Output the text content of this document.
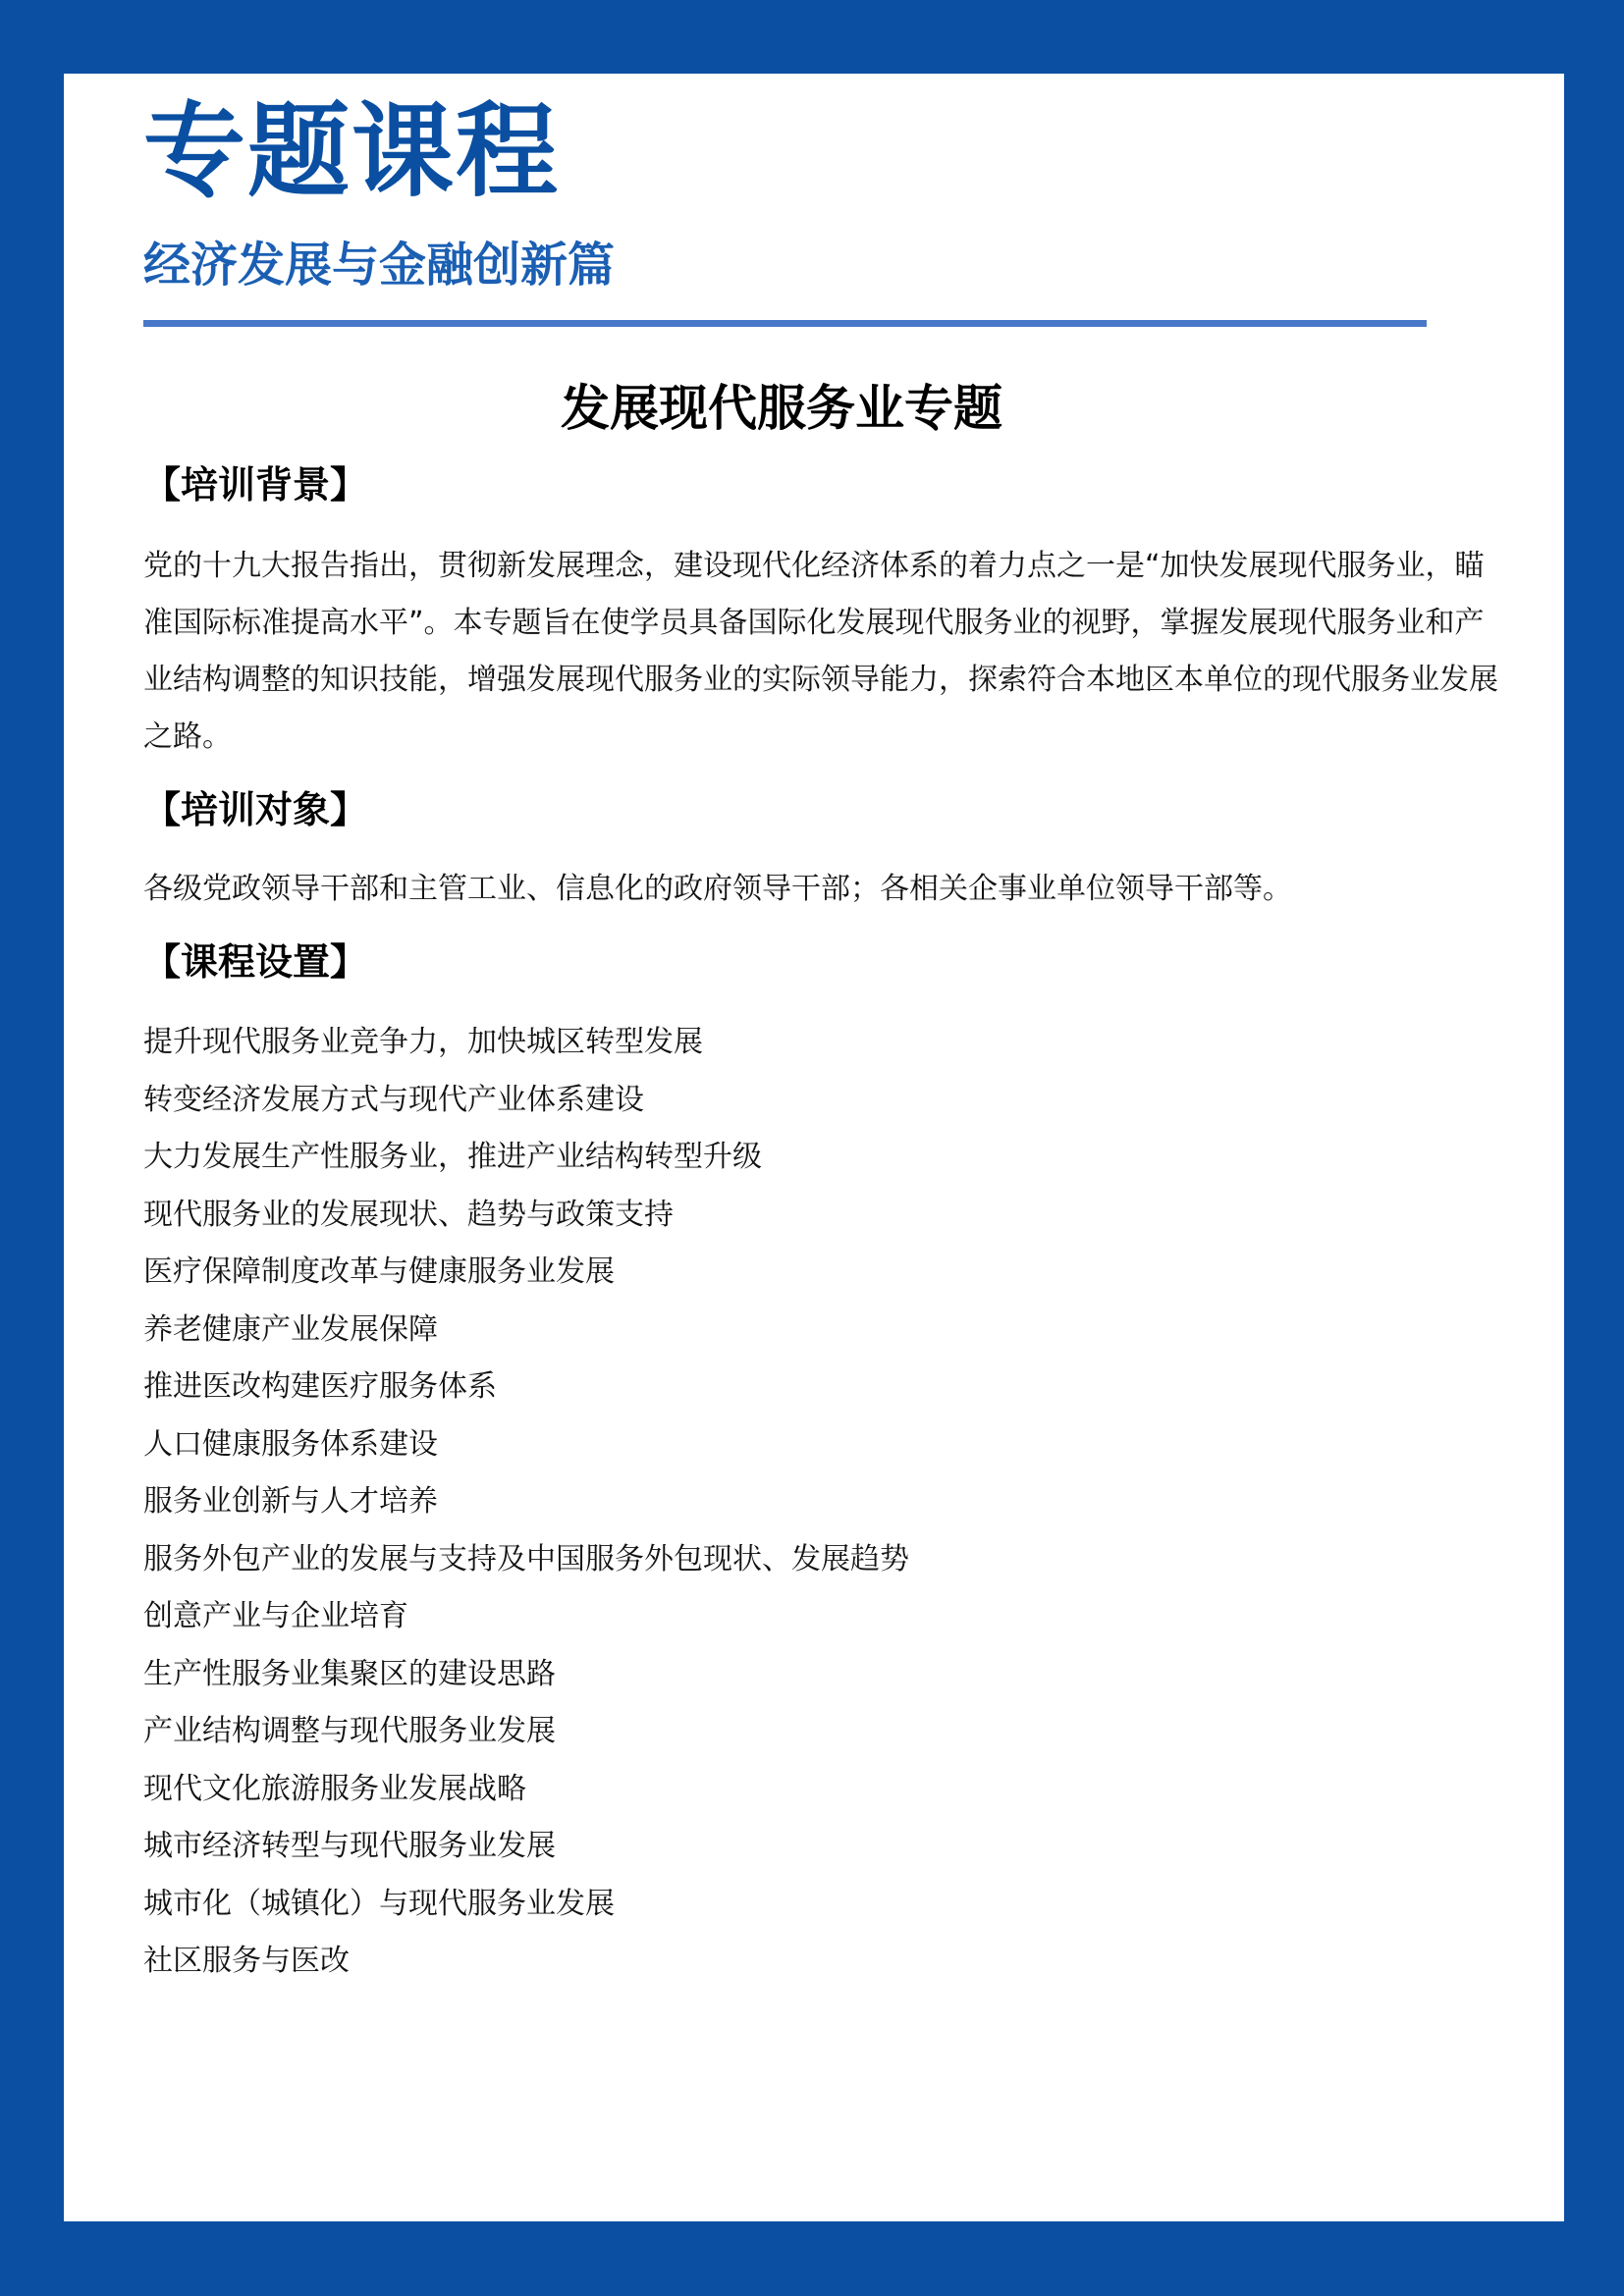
专题课程
经济发展与金融创新篇
发展现代服务业专题
【培训背景】

党的十九大报告指出，贯彻新发展理念，建设现代化经济体系的着力点之一是“加快发展现代服务业，瞄准国际标准提高水平”。本专题旨在使学员具备国际化发展现代服务业的视野，掌握发展现代服务业和产业结构调整的知识技能，增强发展现代服务业的实际领导能力，探索符合本地区本单位的现代服务业发展之路。

【培训对象】

各级党政领导干部和主管工业、信息化的政府领导干部；各相关企事业单位领导干部等。

【课程设置】
提升现代服务业竞争力，加快城区转型发展
转变经济发展方式与现代产业体系建设
大力发展生产性服务业，推进产业结构转型升级
现代服务业的发展现状、趋势与政策支持
医疗保障制度改革与健康服务业发展
养老健康产业发展保障
推进医改构建医疗服务体系
人口健康服务体系建设
服务业创新与人才培养
服务外包产业的发展与支持及中国服务外包现状、发展趋势
创意产业与企业培育
生产性服务业集聚区的建设思路
产业结构调整与现代服务业发展
现代文化旅游服务业发展战略
城市经济转型与现代服务业发展
城市化（城镇化）与现代服务业发展
社区服务与医改
